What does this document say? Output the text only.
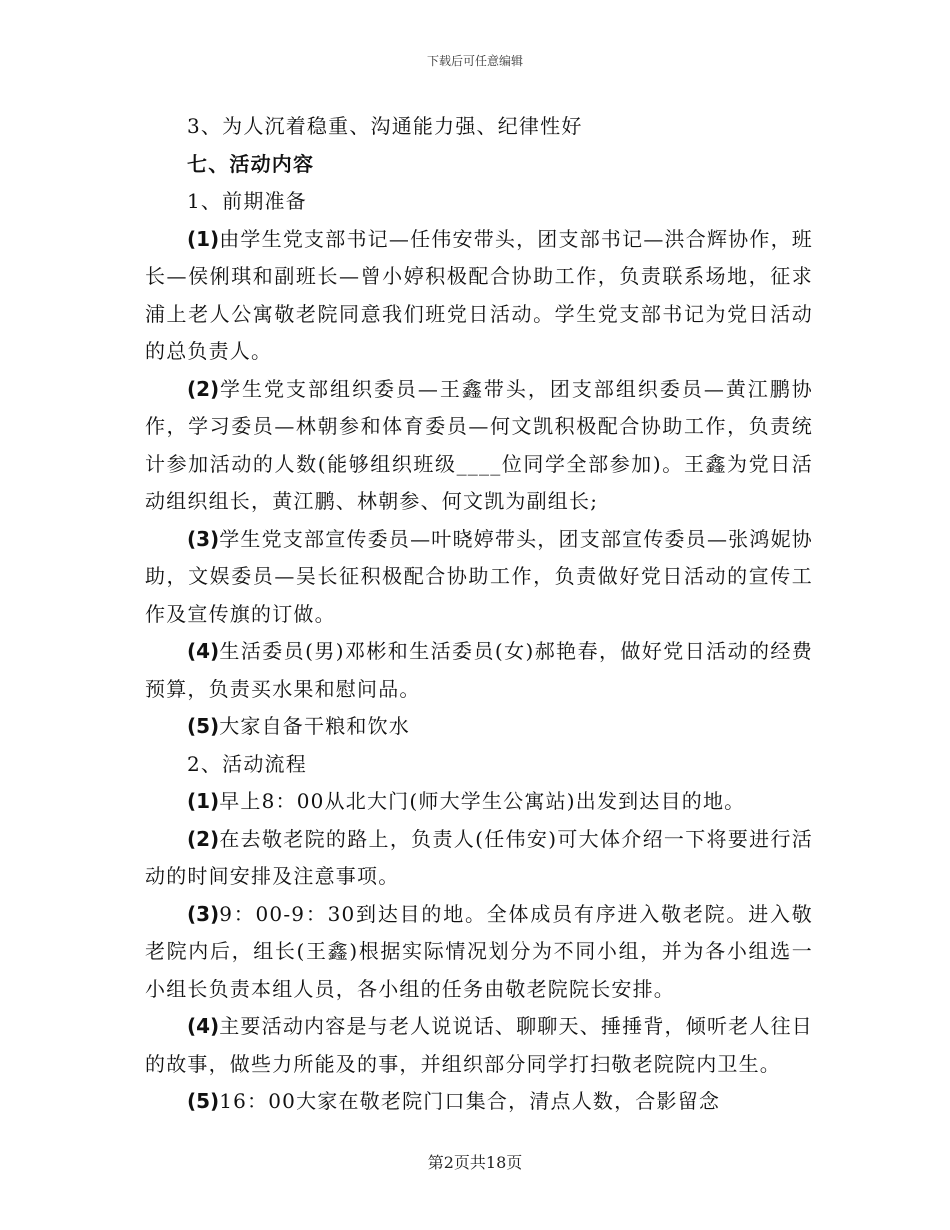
下载后可任意编辑

3、为人沉着稳重、沟通能力强、纪律性好

七、活动内容

1、前期准备

(1)由学生党支部书记—任伟安带头，团支部书记—洪合辉协作，班长—侯俐琪和副班长—曾小婷积极配合协助工作，负责联系场地，征求浦上老人公寓敬老院同意我们班党日活动。学生党支部书记为党日活动的总负责人。

(2)学生党支部组织委员—王鑫带头，团支部组织委员—黄江鹏协作，学习委员—林朝参和体育委员—何文凯积极配合协助工作，负责统计参加活动的人数(能够组织班级____位同学全部参加)。王鑫为党日活动组织组长，黄江鹏、林朝参、何文凯为副组长;

(3)学生党支部宣传委员—叶晓婷带头，团支部宣传委员—张鸿妮协助，文娱委员—吴长征积极配合协助工作，负责做好党日活动的宣传工作及宣传旗的订做。

(4)生活委员(男)邓彬和生活委员(女)郝艳春，做好党日活动的经费预算，负责买水果和慰问品。

(5)大家自备干粮和饮水

2、活动流程

(1)早上8：00从北大门(师大学生公寓站)出发到达目的地。

(2)在去敬老院的路上，负责人(任伟安)可大体介绍一下将要进行活动的时间安排及注意事项。

(3)9：00-9：30到达目的地。全体成员有序进入敬老院。进入敬老院内后，组长(王鑫)根据实际情况划分为不同小组，并为各小组选一小组长负责本组人员，各小组的任务由敬老院院长安排。

(4)主要活动内容是与老人说说话、聊聊天、捶捶背，倾听老人往日的故事，做些力所能及的事，并组织部分同学打扫敬老院院内卫生。

(5)16：00大家在敬老院门口集合，清点人数，合影留念

第2页共18页
